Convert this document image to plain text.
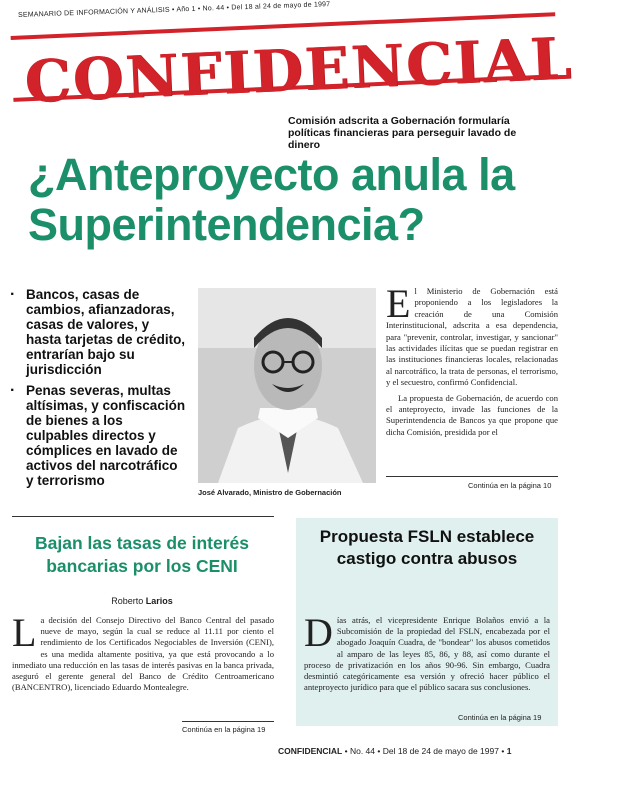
SEMANARIO DE INFORMACIÓN Y ANÁLISIS • Año 1 • No. 44 • Del 18 al 24 de mayo de 1997
CONFIDENCIAL
Comisión adscrita a Gobernación formularía políticas financieras para perseguir lavado de dinero
¿Anteproyecto anula la Superintendencia?
· Bancos, casas de cambios, afianzadoras, casas de valores, y hasta tarjetas de crédito, entrarían bajo su jurisdicción
· Penas severas, multas altísimas, y confiscación de bienes a los culpables directos y cómplices en lavado de activos del narcotráfico y terrorismo
José Alvarado, Ministro de Gobernación
E l Ministerio de Gobernación está proponiendo a los legisladores la creación de una Comisión Interinstitucional, adscrita a esa dependencia, para "prevenir, controlar, investigar, y sancionar" las actividades ilícitas que se puedan registrar en las instituciones financieras locales, relacionadas al narcotráfico, la trata de personas, el terrorismo, y el secuestro, confirmó Confidencial.

La propuesta de Gobernación, de acuerdo con el anteproyecto, invade las funciones de la Superintendencia de Bancos ya que propone que dicha Comisión, presidida por el

Continúa en la página 10
Bajan las tasas de interés bancarias por los CENI
Roberto Larios
L a decisión del Consejo Directivo del Banco Central del pasado nueve de mayo, según la cual se reduce al 11.11 por ciento el rendimiento de los Certificados Negociables de Inversión (CENI), es una medida altamente positiva, ya que está provocando a lo inmediato una reducción en las tasas de interés pasivas en la banca privada, aseguró el gerente general del Banco de Crédito Centroamericano (BANCENTRO), licenciado Eduardo Montealegre.

Continúa en la página 19
Propuesta FSLN establece castigo contra abusos
D ías atrás, el vicepresidente Enrique Bolaños envió a la Subcomisión de la propiedad del FSLN, encabezada por el abogado Joaquín Cuadra, de "bondear" los abusos cometidos al amparo de las leyes 85, 86, y 88, así como durante el proceso de privatización en los años 90-96. Sin embargo, Cuadra desmintió categóricamente esa versión y ofreció hacer público el anteproyecto jurídico para que el público sacara sus conclusiones.

Continúa en la página 19
CONFIDENCIAL • No. 44 • Del 18 de 24 de mayo de 1997 • 1
